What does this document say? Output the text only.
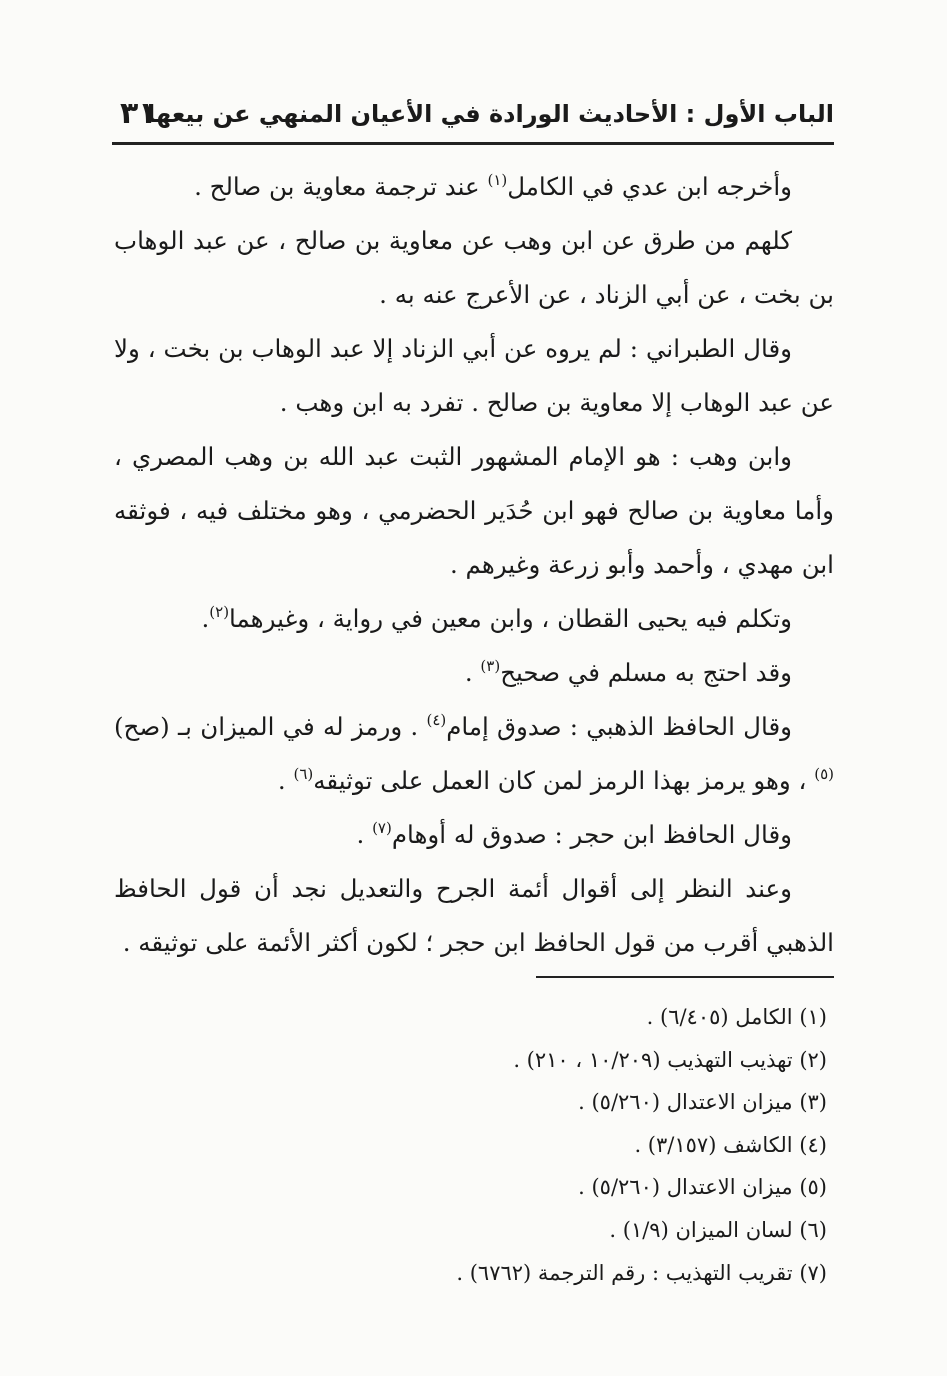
الباب الأول : الأحاديث الورادة في الأعيان المنهي عن بيعها
٣١

وأخرجه ابن عدي في الكامل$^{(١)}$ عند ترجمة معاوية بن صالح .

كلهم من طرق عن ابن وهب عن معاوية بن صالح ، عن عبد الوهاب بن بخت ، عن أبي الزناد ، عن الأعرج عنه به .

وقال الطبراني : لم يروه عن أبي الزناد إلا عبد الوهاب بن بخت ، ولا عن عبد الوهاب إلا معاوية بن صالح . تفرد به ابن وهب .

وابن وهب : هو الإمام المشهور الثبت عبد الله بن وهب المصري ، وأما معاوية بن صالح فهو ابن حُدَير الحضرمي ، وهو مختلف فيه ، فوثقه ابن مهدي ، وأحمد وأبو زرعة وغيرهم .

وتكلم فيه يحيى القطان ، وابن معين في رواية ، وغيرهما$^{(٢)}$.

وقد احتج به مسلم في صحيح$^{(٣)}$ .

وقال الحافظ الذهبي : صدوق إمام$^{(٤)}$ . ورمز له في الميزان بـ (صح)$^{(٥)}$ ، وهو يرمز بهذا الرمز لمن كان العمل على توثيقه$^{(٦)}$ .

وقال الحافظ ابن حجر : صدوق له أوهام$^{(٧)}$ .

وعند النظر إلى أقوال أئمة الجرح والتعديل نجد أن قول الحافظ الذهبي أقرب من قول الحافظ ابن حجر ؛ لكون أكثر الأئمة على توثيقه .

(١) الكامل (٦/٤٠٥) .
(٢) تهذيب التهذيب (١٠/٢٠٩ ، ٢١٠) .
(٣) ميزان الاعتدال (٥/٢٦٠) .
(٤) الكاشف (٣/١٥٧) .
(٥) ميزان الاعتدال (٥/٢٦٠) .
(٦) لسان الميزان (١/٩) .
(٧) تقريب التهذيب : رقم الترجمة (٦٧٦٢) .
